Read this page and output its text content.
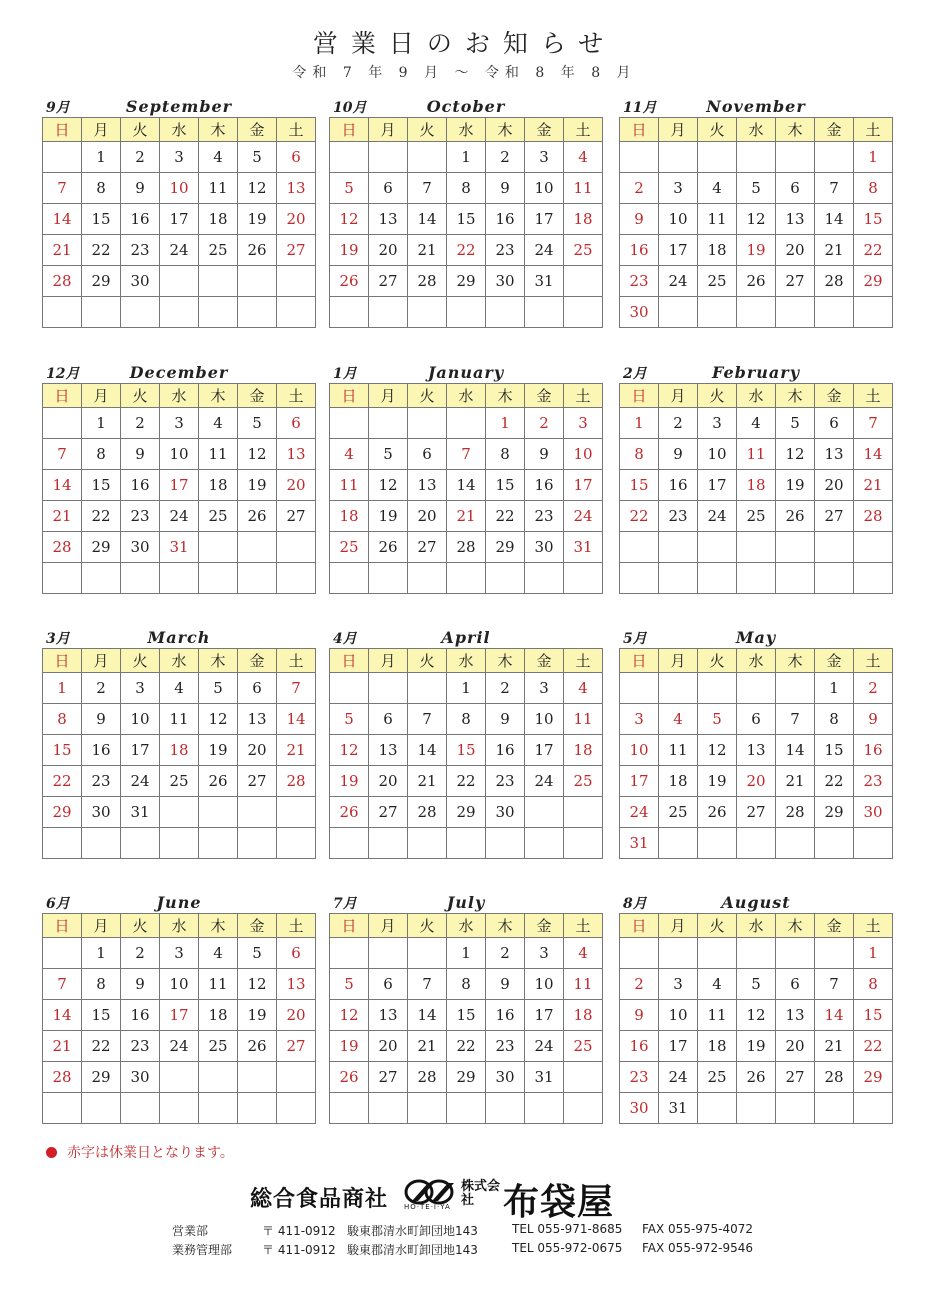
営業日のお知らせ
令和 7 年 9 月 〜 令和 8 年 8 月
September
9月
日	月	火	水	木	金	土
	1	2	3	4	5	6
7	8	9	10	11	12	13
14	15	16	17	18	19	20
21	22	23	24	25	26	27
28	29	30				

October
10月
日	月	火	水	木	金	土
			1	2	3	4
5	6	7	8	9	10	11
12	13	14	15	16	17	18
19	20	21	22	23	24	25
26	27	28	29	30	31	

November
11月
日	月	火	水	木	金	土
						1
2	3	4	5	6	7	8
9	10	11	12	13	14	15
16	17	18	19	20	21	22
23	24	25	26	27	28	29
30						
December
12月
日	月	火	水	木	金	土
	1	2	3	4	5	6
7	8	9	10	11	12	13
14	15	16	17	18	19	20
21	22	23	24	25	26	27
28	29	30	31			

January
1月
日	月	火	水	木	金	土
				1	2	3
4	5	6	7	8	9	10
11	12	13	14	15	16	17
18	19	20	21	22	23	24
25	26	27	28	29	30	31

February
2月
日	月	火	水	木	金	土
1	2	3	4	5	6	7
8	9	10	11	12	13	14
15	16	17	18	19	20	21
22	23	24	25	26	27	28

March
3月
日	月	火	水	木	金	土
1	2	3	4	5	6	7
8	9	10	11	12	13	14
15	16	17	18	19	20	21
22	23	24	25	26	27	28
29	30	31				

April
4月
日	月	火	水	木	金	土
			1	2	3	4
5	6	7	8	9	10	11
12	13	14	15	16	17	18
19	20	21	22	23	24	25
26	27	28	29	30		

May
5月
日	月	火	水	木	金	土
					1	2
3	4	5	6	7	8	9
10	11	12	13	14	15	16
17	18	19	20	21	22	23
24	25	26	27	28	29	30
31						
June
6月
日	月	火	水	木	金	土
	1	2	3	4	5	6
7	8	9	10	11	12	13
14	15	16	17	18	19	20
21	22	23	24	25	26	27
28	29	30				

July
7月
日	月	火	水	木	金	土
			1	2	3	4
5	6	7	8	9	10	11
12	13	14	15	16	17	18
19	20	21	22	23	24	25
26	27	28	29	30	31	

August
8月
日	月	火	水	木	金	土
						1
2	3	4	5	6	7	8
9	10	11	12	13	14	15
16	17	18	19	20	21	22
23	24	25	26	27	28	29
30	31					
赤字は休業日となります。
総合食品商社 HO·TE·I·YA
株式会社 布袋屋
営業部	〒 411-0912 駿東郡清水町卸団地143	TEL 055-971-8685 FAX 055-975-4072
業務管理部 〒 411-0912 駿東郡清水町卸団地143	TEL 055-972-0675 FAX 055-972-9546
